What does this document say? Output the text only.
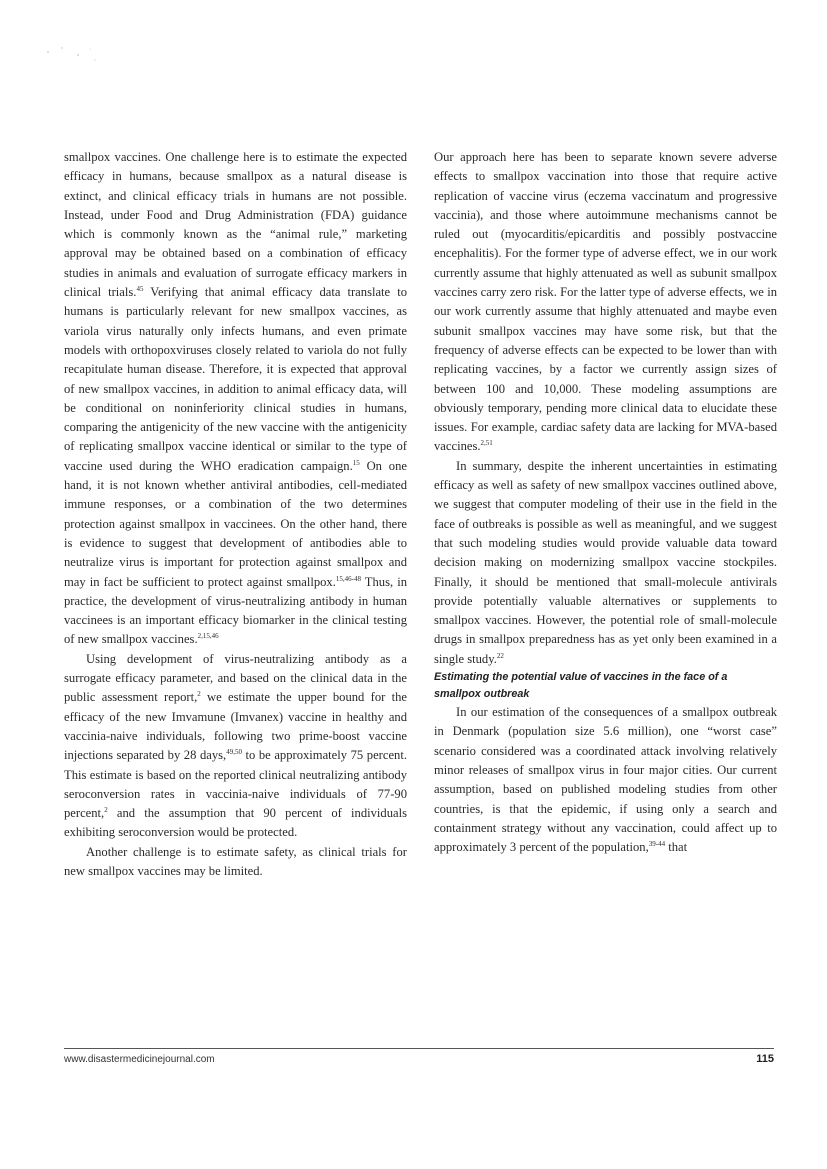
smallpox vaccines. One challenge here is to estimate the expected efficacy in humans, because smallpox as a natural disease is extinct, and clinical efficacy trials in humans are not possible. Instead, under Food and Drug Administration (FDA) guidance which is commonly known as the “animal rule,” marketing approval may be obtained based on a combination of efficacy studies in animals and evaluation of surrogate efficacy markers in clinical trials.$^{45}$ Verifying that animal efficacy data translate to humans is particularly relevant for new smallpox vaccines, as variola virus naturally only infects humans, and even primate models with orthopoxviruses closely related to variola do not fully recapitulate human disease. Therefore, it is expected that approval of new smallpox vaccines, in addition to animal efficacy data, will be conditional on noninferiority clinical studies in humans, comparing the antigenicity of the new vaccine with the antigenicity of replicating smallpox vaccine identical or similar to the type of vaccine used during the WHO eradication campaign.$^{15}$ On one hand, it is not known whether antiviral antibodies, cell-mediated immune responses, or a combination of the two determines protection against smallpox in vaccinees. On the other hand, there is evidence to suggest that development of antibodies able to neutralize virus is important for protection against smallpox and may in fact be sufficient to protect against smallpox.$^{15,46-48}$ Thus, in practice, the development of virus-neutralizing antibody in human vaccinees is an important efficacy biomarker in the clinical testing of new smallpox vaccines.$^{2,15,46}$

Using development of virus-neutralizing antibody as a surrogate efficacy parameter, and based on the clinical data in the public assessment report,$^2$ we estimate the upper bound for the efficacy of the new Imvamune (Imvanex) vaccine in healthy and vaccinia-naive individuals, following two prime-boost vaccine injections separated by 28 days,$^{49,50}$ to be approximately 75 percent. This estimate is based on the reported clinical neutralizing antibody seroconversion rates in vaccinia-naive individuals of 77-90 percent,$^2$ and the assumption that 90 percent of individuals exhibiting seroconversion would be protected.

Another challenge is to estimate safety, as clinical trials for new smallpox vaccines may be limited.

Our approach here has been to separate known severe adverse effects to smallpox vaccination into those that require active replication of vaccine virus (eczema vaccinatum and progressive vaccinia), and those where autoimmune mechanisms cannot be ruled out (myocarditis/epicarditis and possibly postvaccine encephalitis). For the former type of adverse effect, we in our work currently assume that highly attenuated as well as subunit smallpox vaccines carry zero risk. For the latter type of adverse effects, we in our work currently assume that highly attenuated and maybe even subunit smallpox vaccines may have some risk, but that the frequency of adverse effects can be expected to be lower than with replicating vaccines, by a factor we currently assign sizes of between 100 and 10,000. These modeling assumptions are obviously temporary, pending more clinical data to elucidate these issues. For example, cardiac safety data are lacking for MVA-based vaccines.$^{2,51}$

In summary, despite the inherent uncertainties in estimating efficacy as well as safety of new smallpox vaccines outlined above, we suggest that computer modeling of their use in the field in the face of outbreaks is possible as well as meaningful, and we suggest that such modeling studies would provide valuable data toward decision making on modernizing smallpox vaccine stockpiles. Finally, it should be mentioned that small-molecule antivirals provide potentially valuable alternatives or supplements to smallpox vaccines. However, the potential role of small-molecule drugs in smallpox preparedness has as yet only been examined in a single study.$^{22}$

Estimating the potential value of vaccines in the face of a smallpox outbreak

In our estimation of the consequences of a smallpox outbreak in Denmark (population size 5.6 million), one “worst case” scenario considered was a coordinated attack involving relatively minor releases of smallpox virus in four major cities. Our current assumption, based on published modeling studies from other countries, is that the epidemic, if using only a search and containment strategy without any vaccination, could affect up to approximately 3 percent of the population,$^{39-44}$ that

www.disastermedicinejournal.com	115
